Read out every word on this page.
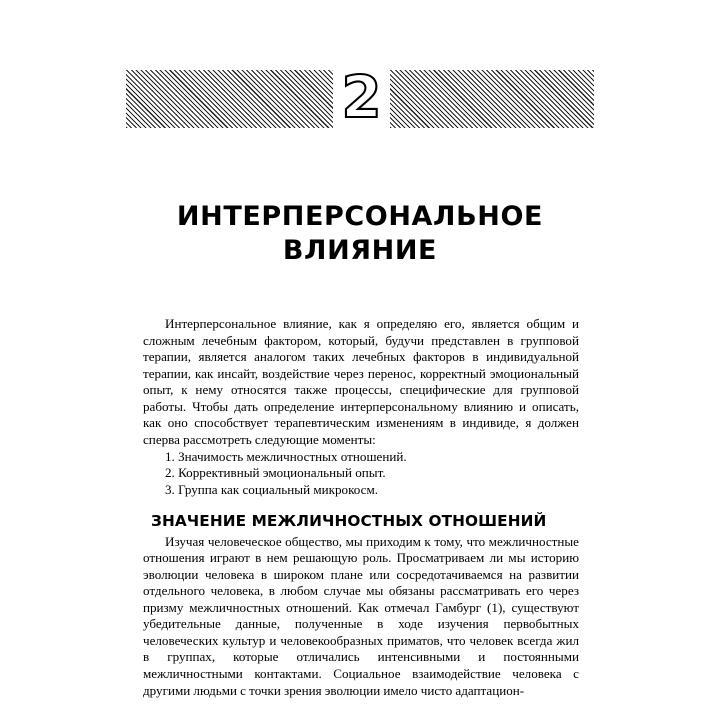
2
ИНТЕРПЕРСОНАЛЬНОЕ
ВЛИЯНИЕ

Интерперсональное влияние, как я определяю его, является общим и сложным лечебным фактором, который, будучи представлен в групповой терапии, является аналогом таких лечебных факторов в индивидуальной терапии, как инсайт, воздействие через перенос, корректный эмоциональный опыт, к нему относятся также процессы, специфические для групповой работы. Чтобы дать определение интерперсональному влиянию и описать, как оно способствует терапевтическим изменениям в индивиде, я должен сперва рассмотреть следующие моменты:

1. Значимость межличностных отношений.
2. Коррективный эмоциональный опыт.
3. Группа как социальный микрокосм.
ЗНАЧЕНИЕ МЕЖЛИЧНОСТНЫХ ОТНОШЕНИЙ

Изучая человеческое общество, мы приходим к тому, что межличностные отношения играют в нем решающую роль. Просматриваем ли мы историю эволюции человека в широком плане или сосредотачиваемся на развитии отдельного человека, в любом случае мы обязаны рассматривать его через призму межличностных отношений. Как отмечал Гамбург (1), существуют убедительные данные, полученные в ходе изучения первобытных человеческих культур и человекообразных приматов, что человек всегда жил в группах, которые отличались интенсивными и постоянными межличностными контактами. Социальное взаимодействие человека с другими людьми с точки зрения эволюции имело чисто адаптацион-
